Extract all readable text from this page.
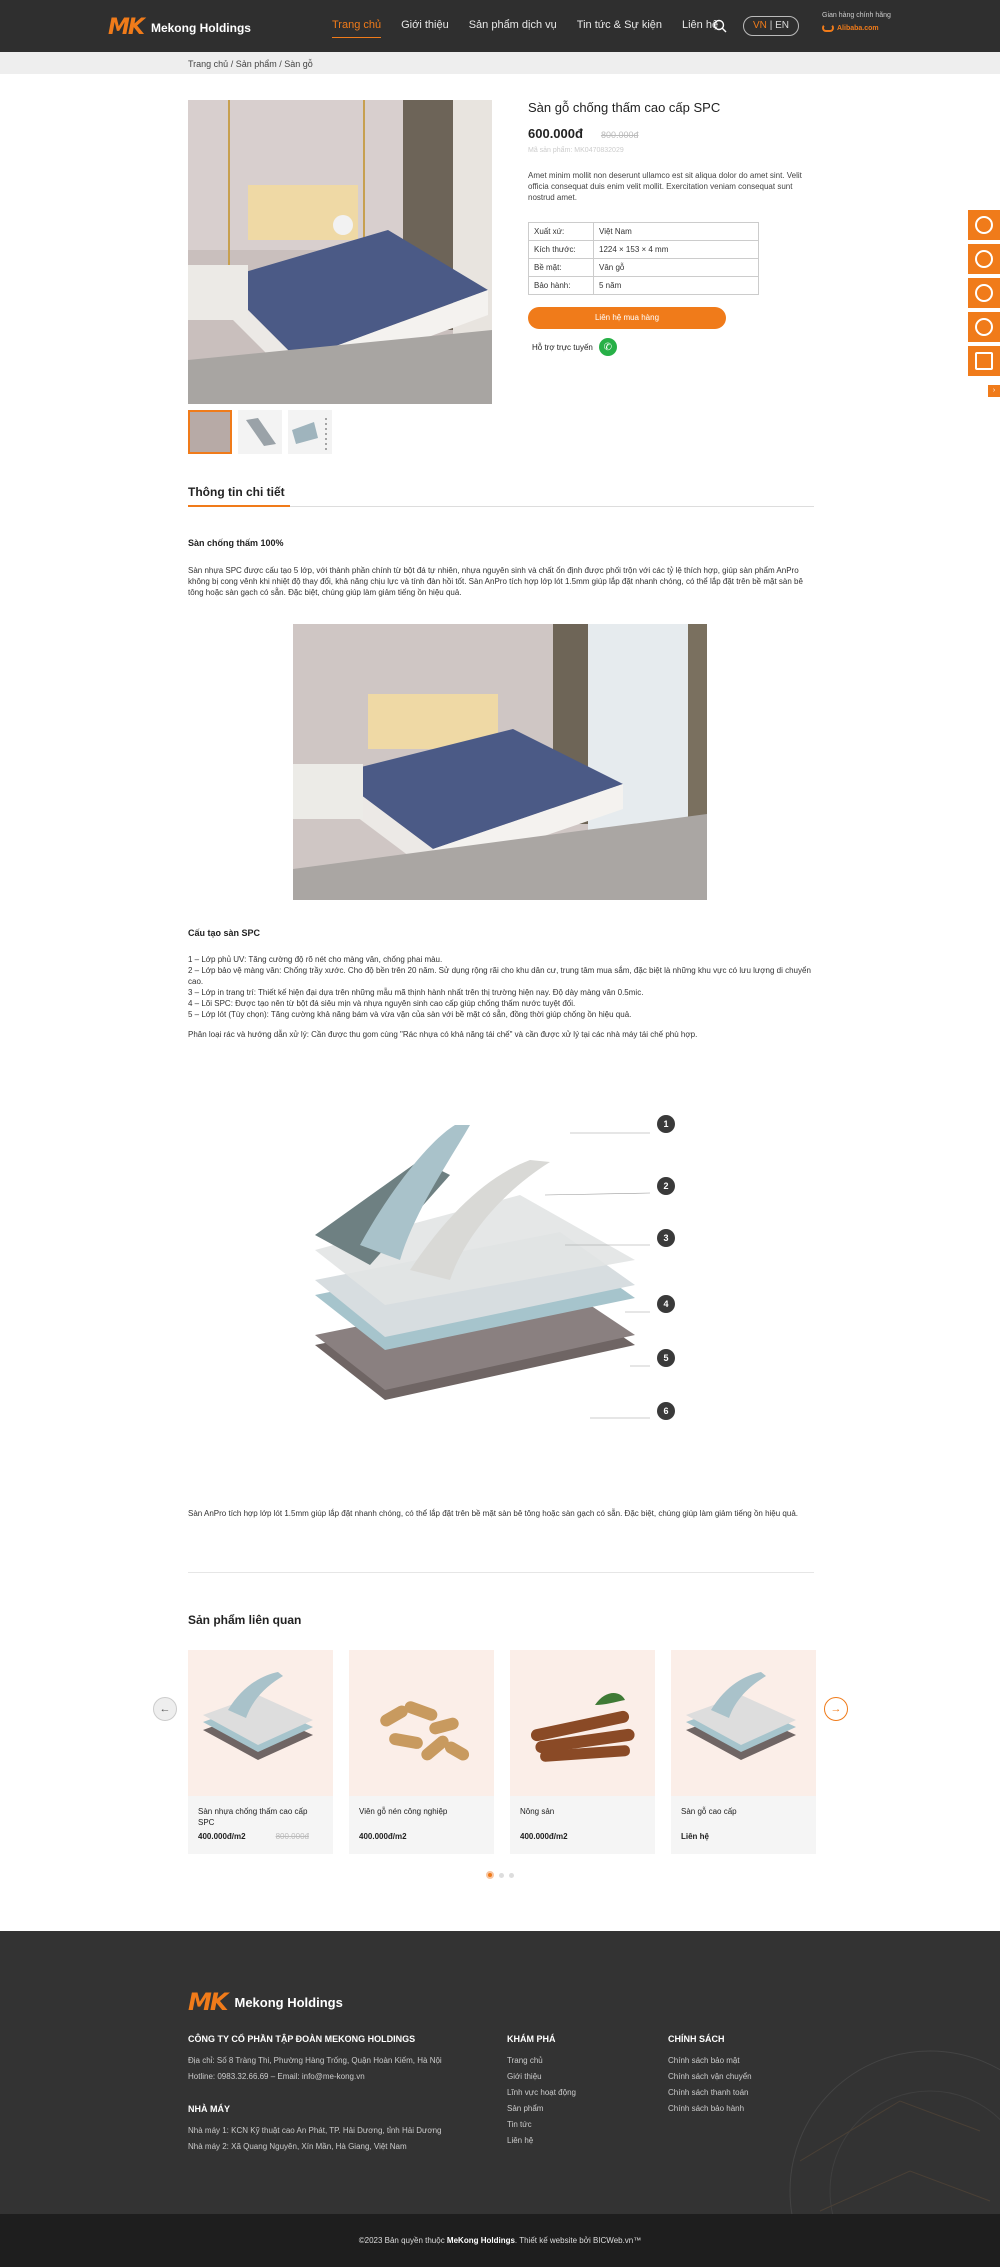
MK Mekong Holdings	Trang chủ Giới thiệu Sản phẩm dịch vụ Tin tức & Sự kiện Liên hệ	VN | EN
Gian hàng chính hãng
Alibaba.com
Trang chủ / Sản phẩm / Sàn gỗ
Sàn gỗ chống thấm cao cấp SPC
600.000đ 800.000đ
Mã sản phẩm: MK0470832029
Amet minim mollit non deserunt ullamco est sit aliqua dolor do amet sint. Velit officia consequat duis enim velit mollit. Exercitation veniam consequat sunt nostrud amet.
Xuất xứ:	Việt Nam
Kích thước:	1224 × 153 × 4 mm
Bề mặt:	Vân gỗ
Bảo hành:	5 năm
Liên hệ mua hàng
Hỗ trợ trực tuyến	✆
›
Thông tin chi tiết
Sàn chống thấm 100%
Sàn nhựa SPC được cấu tạo 5 lớp, với thành phần chính từ bột đá tự nhiên, nhựa nguyên sinh và chất ổn định được phối trộn với các tỷ lệ thích hợp, giúp sàn phẩm AnPro không bị cong vênh khi nhiệt độ thay đổi, khả năng chịu lực và tính đàn hồi tốt. Sàn AnPro tích hợp lớp lót 1.5mm giúp lắp đặt nhanh chóng, có thể lắp đặt trên bề mặt sàn bê tông hoặc sàn gạch có sẵn. Đặc biệt, chúng giúp làm giảm tiếng ồn hiệu quả.
Cấu tạo sàn SPC
1 – Lớp phủ UV: Tăng cường độ rõ nét cho màng vân, chống phai màu.
2 – Lớp bảo vệ màng vân: Chống trầy xước. Cho độ bền trên 20 năm. Sử dụng rộng rãi cho khu dân cư, trung tâm mua sắm, đặc biệt là những khu vực có lưu lượng di chuyển cao.
3 – Lớp in trang trí: Thiết kế hiện đại dựa trên những mẫu mã thịnh hành nhất trên thị trường hiện nay. Độ dày màng vân 0.5mic.
4 – Lõi SPC: Được tạo nên từ bột đá siêu mịn và nhựa nguyên sinh cao cấp giúp chống thấm nước tuyệt đối.
5 – Lớp lót (Tùy chọn): Tăng cường khả năng bám và vừa vặn của sàn với bề mặt có sẵn, đồng thời giúp chống ồn hiệu quả.
Phân loại rác và hướng dẫn xử lý: Cần được thu gom cùng "Rác nhựa có khả năng tái chế" và cần được xử lý tại các nhà máy tái chế phù hợp.
1
2
3
4
5
6
Sàn AnPro tích hợp lớp lót 1.5mm giúp lắp đặt nhanh chóng, có thể lắp đặt trên bề mặt sàn bê tông hoặc sàn gạch có sẵn. Đặc biệt, chúng giúp làm giảm tiếng ồn hiệu quả.
Sản phẩm liên quan
←	→
Sàn nhựa chống thấm cao cấp SPC
400.000đ/m2	800.000đ
Viên gỗ nén công nghiệp
400.000đ/m2
Nông sản
400.000đ/m2
Sàn gỗ cao cấp
Liên hệ
MK Mekong Holdings
CÔNG TY CỔ PHẦN TẬP ĐOÀN MEKONG HOLDINGS

Địa chỉ: Số 8 Tràng Thi, Phường Hàng Trống, Quận Hoàn Kiếm, Hà Nội

Hotline: 0983.32.66.69 – Email: info@me-kong.vn

NHÀ MÁY

Nhà máy 1: KCN Kỹ thuật cao An Phát, TP. Hải Dương, tỉnh Hải Dương

Nhà máy 2: Xã Quang Nguyên, Xín Mần, Hà Giang, Việt Nam

KHÁM PHÁ

Trang chủ

Giới thiệu

Lĩnh vực hoạt động

Sản phẩm

Tin tức

Liên hệ

CHÍNH SÁCH

Chính sách bảo mật

Chính sách vận chuyển

Chính sách thanh toán

Chính sách bảo hành

©2023 Bản quyền thuộc MeKong Holdings. Thiết kế website bởi BICWeb.vn™
